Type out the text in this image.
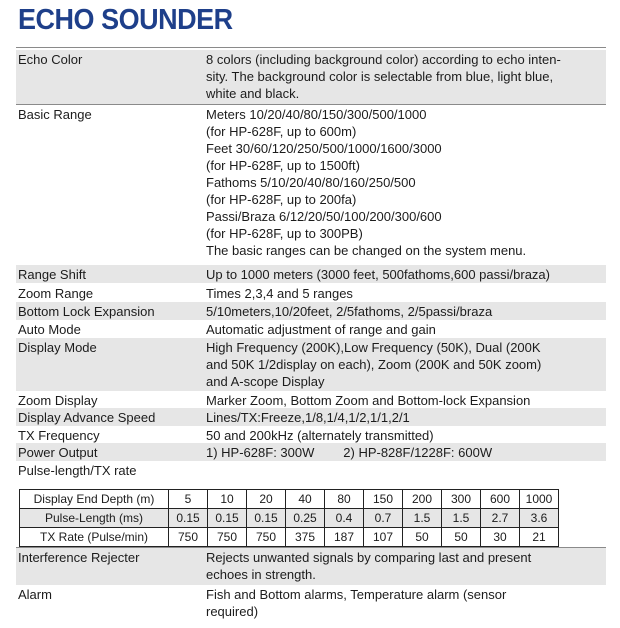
ECHO SOUNDER
Echo Color	8 colors (including background color) according to echo inten-
sity. The background color is selectable from blue, light blue,
white and black.
Basic Range	Meters 10/20/40/80/150/300/500/1000
(for HP-628F, up to 600m)
Feet 30/60/120/250/500/1000/1600/3000
(for HP-628F, up to 1500ft)
Fathoms 5/10/20/40/80/160/250/500
(for HP-628F, up to 200fa)
Passi/Braza 6/12/20/50/100/200/300/600
(for HP-628F, up to 300PB)
The basic ranges can be changed on the system menu.
Range Shift	Up to 1000 meters (3000 feet, 500fathoms,600 passi/braza)
Zoom Range	Times 2,3,4 and 5 ranges
Bottom Lock Expansion	5/10meters,10/20feet, 2/5fathoms, 2/5passi/braza
Auto Mode	Automatic adjustment of range and gain
Display Mode	High Frequency (200K),Low Frequency (50K), Dual (200K
and 50K 1/2display on each), Zoom (200K and 50K zoom)
and A-scope Display
Zoom Display	Marker Zoom, Bottom Zoom and Bottom-lock Expansion
Display Advance Speed	Lines/TX:Freeze,1/8,1/4,1/2,1/1,2/1
TX Frequency	50 and 200kHz (alternately transmitted)
Power Output	1) HP-628F: 300W        2) HP-828F/1228F: 600W
Pulse-length/TX rate
Display End Depth (m)	5	10	20	40	80	150	200	300	600	1000
Pulse-Length (ms)	0.15	0.15	0.15	0.25	0.4	0.7	1.5	1.5	2.7	3.6
TX Rate (Pulse/min)	750	750	750	375	187	107	50	50	30	21
Interference Rejecter	Rejects unwanted signals by comparing last and present
echoes in strength.
Alarm	Fish and Bottom alarms, Temperature alarm (sensor
required)
